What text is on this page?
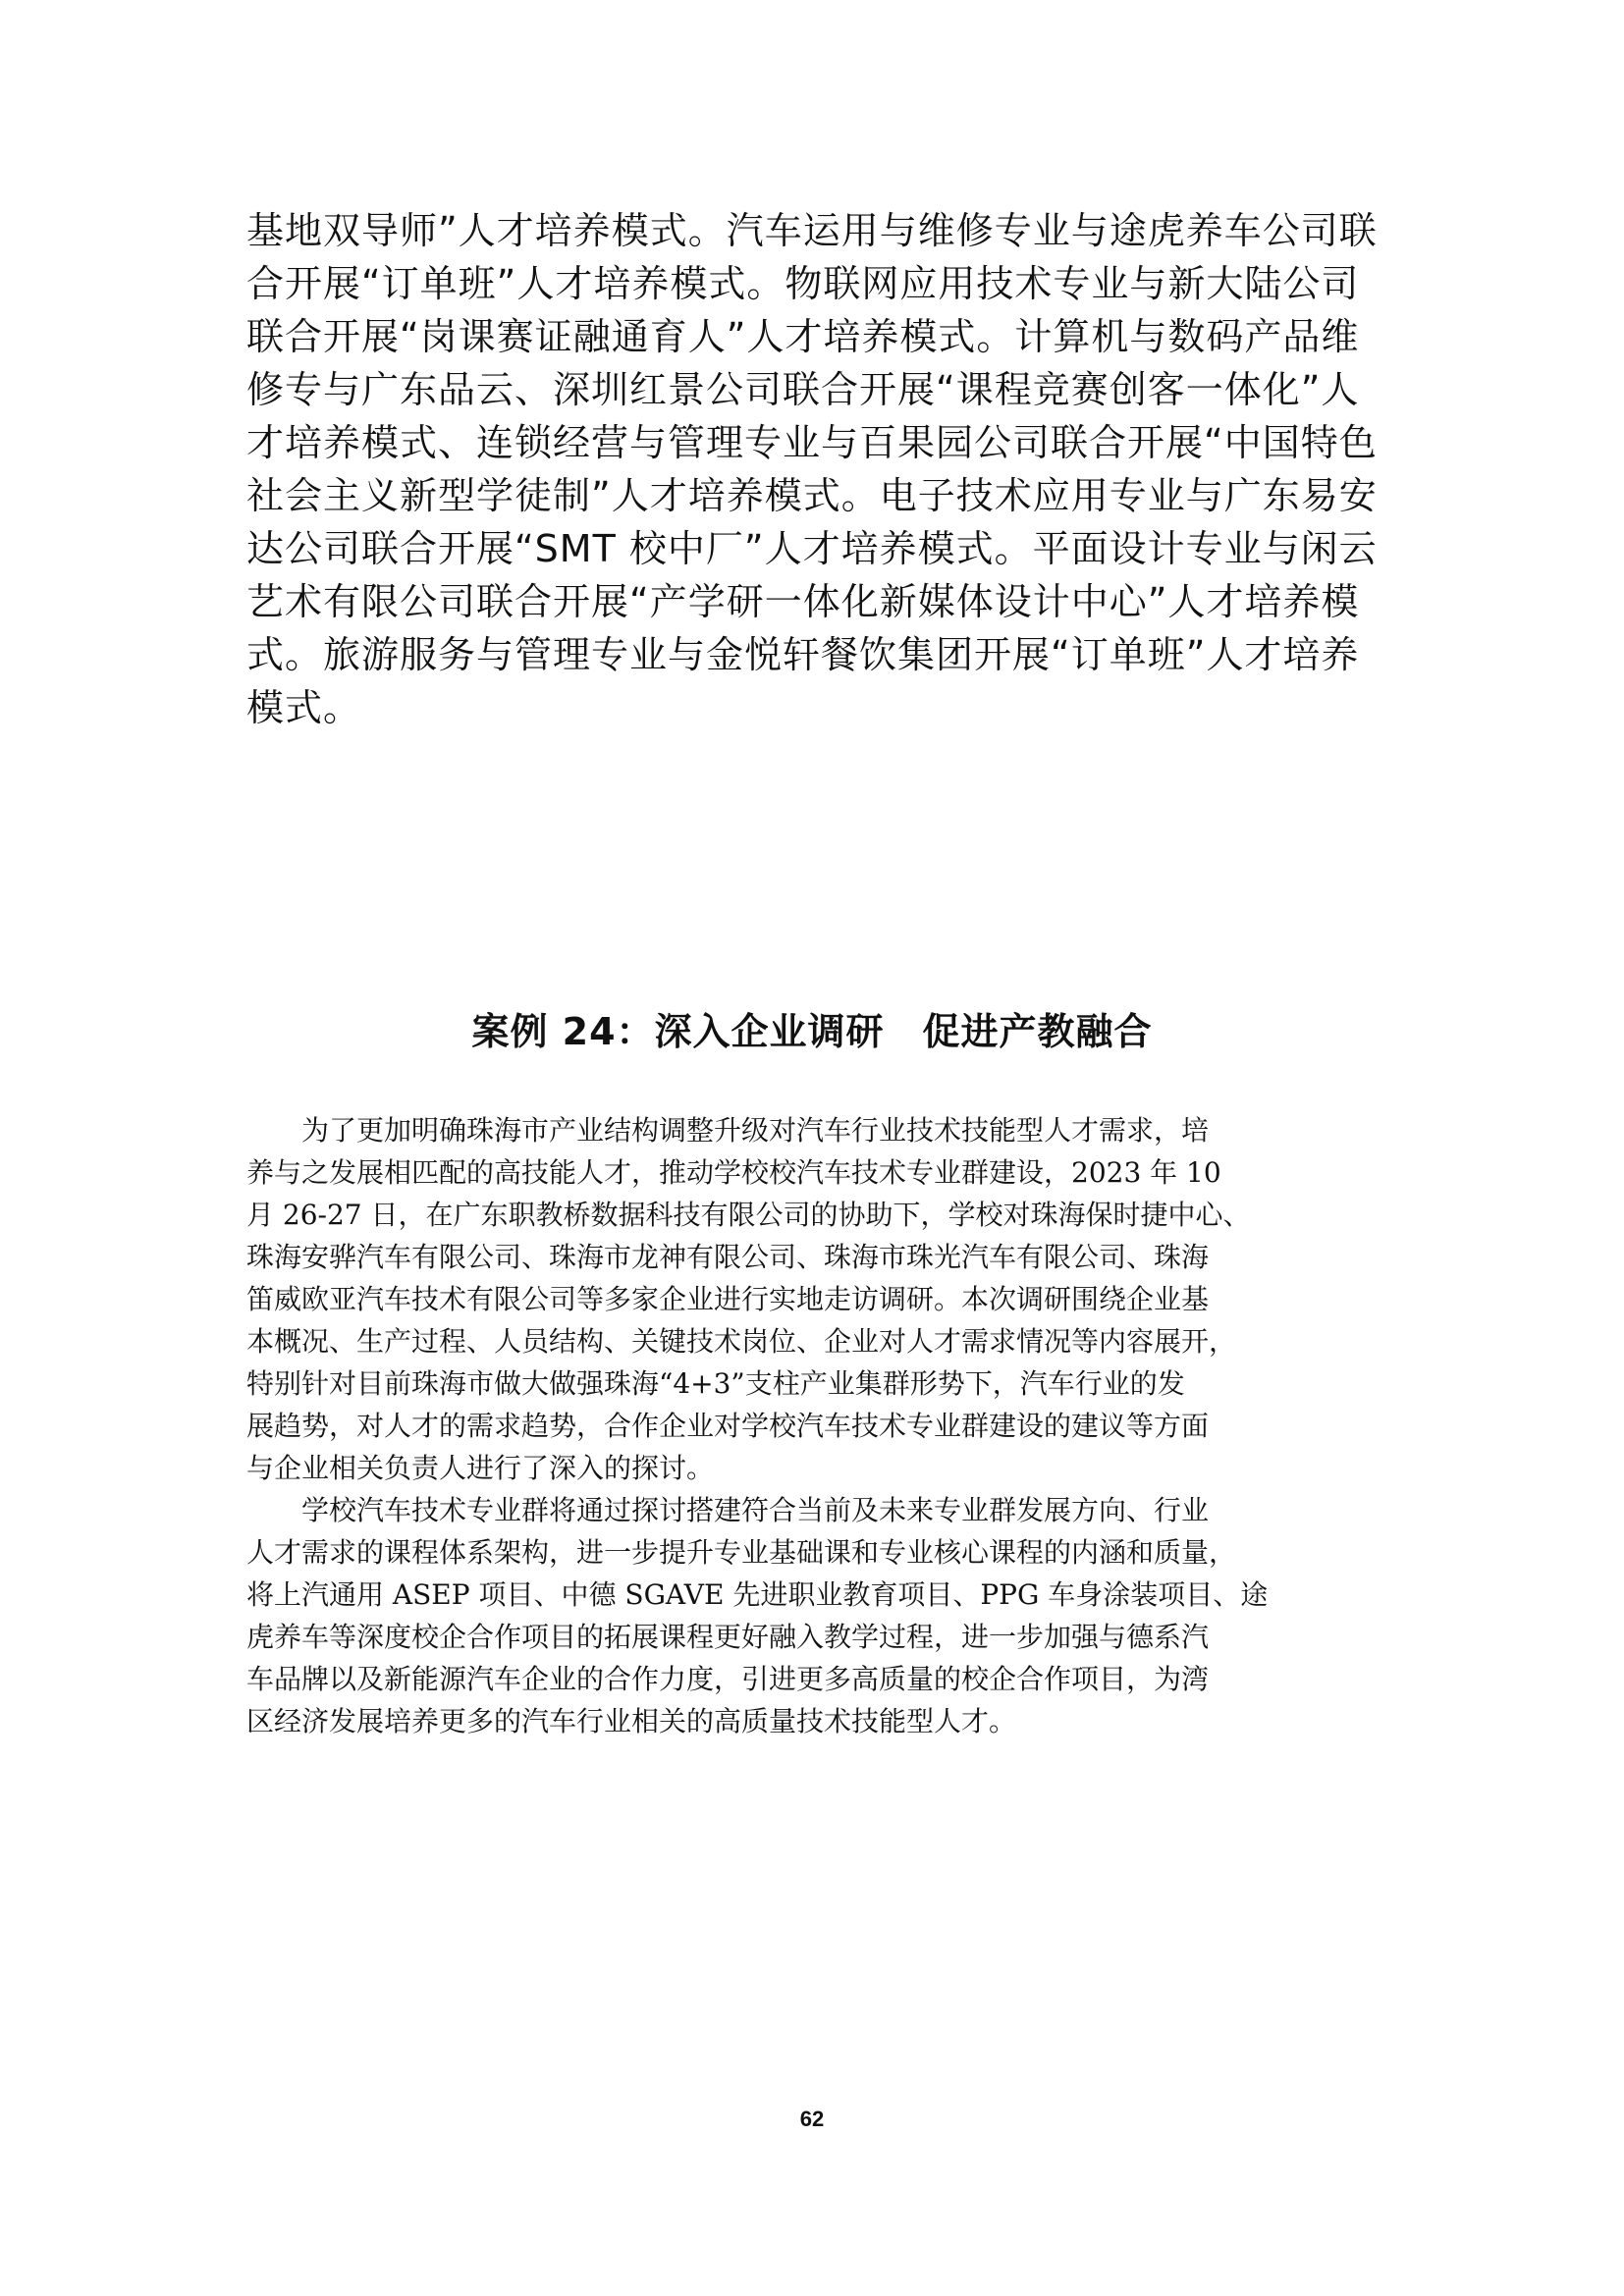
基地双导师”人才培养模式。汽车运用与维修专业与途虎养车公司联
合开展“订单班”人才培养模式。物联网应用技术专业与新大陆公司
联合开展“岗课赛证融通育人”人才培养模式。计算机与数码产品维
修专与广东品云、深圳红景公司联合开展“课程竞赛创客一体化”人
才培养模式、连锁经营与管理专业与百果园公司联合开展“中国特色
社会主义新型学徒制”人才培养模式。电子技术应用专业与广东易安
达公司联合开展“SMT 校中厂”人才培养模式。平面设计专业与闲云
艺术有限公司联合开展“产学研一体化新媒体设计中心”人才培养模
式。旅游服务与管理专业与金悦轩餐饮集团开展“订单班”人才培养
模式。
案例 24：深入企业调研　促进产教融合
　　为了更加明确珠海市产业结构调整升级对汽车行业技术技能型人才需求，培
养与之发展相匹配的高技能人才，推动学校校汽车技术专业群建设，2023 年 10
月 26-27 日，在广东职教桥数据科技有限公司的协助下，学校对珠海保时捷中心、
珠海安骅汽车有限公司、珠海市龙神有限公司、珠海市珠光汽车有限公司、珠海
笛威欧亚汽车技术有限公司等多家企业进行实地走访调研。本次调研围绕企业基
本概况、生产过程、人员结构、关键技术岗位、企业对人才需求情况等内容展开，
特别针对目前珠海市做大做强珠海“4+3”支柱产业集群形势下，汽车行业的发
展趋势，对人才的需求趋势，合作企业对学校汽车技术专业群建设的建议等方面
与企业相关负责人进行了深入的探讨。
　　学校汽车技术专业群将通过探讨搭建符合当前及未来专业群发展方向、行业
人才需求的课程体系架构，进一步提升专业基础课和专业核心课程的内涵和质量，
将上汽通用 ASEP 项目、中德 SGAVE 先进职业教育项目、PPG 车身涂装项目、途
虎养车等深度校企合作项目的拓展课程更好融入教学过程，进一步加强与德系汽
车品牌以及新能源汽车企业的合作力度，引进更多高质量的校企合作项目，为湾
区经济发展培养更多的汽车行业相关的高质量技术技能型人才。
62
